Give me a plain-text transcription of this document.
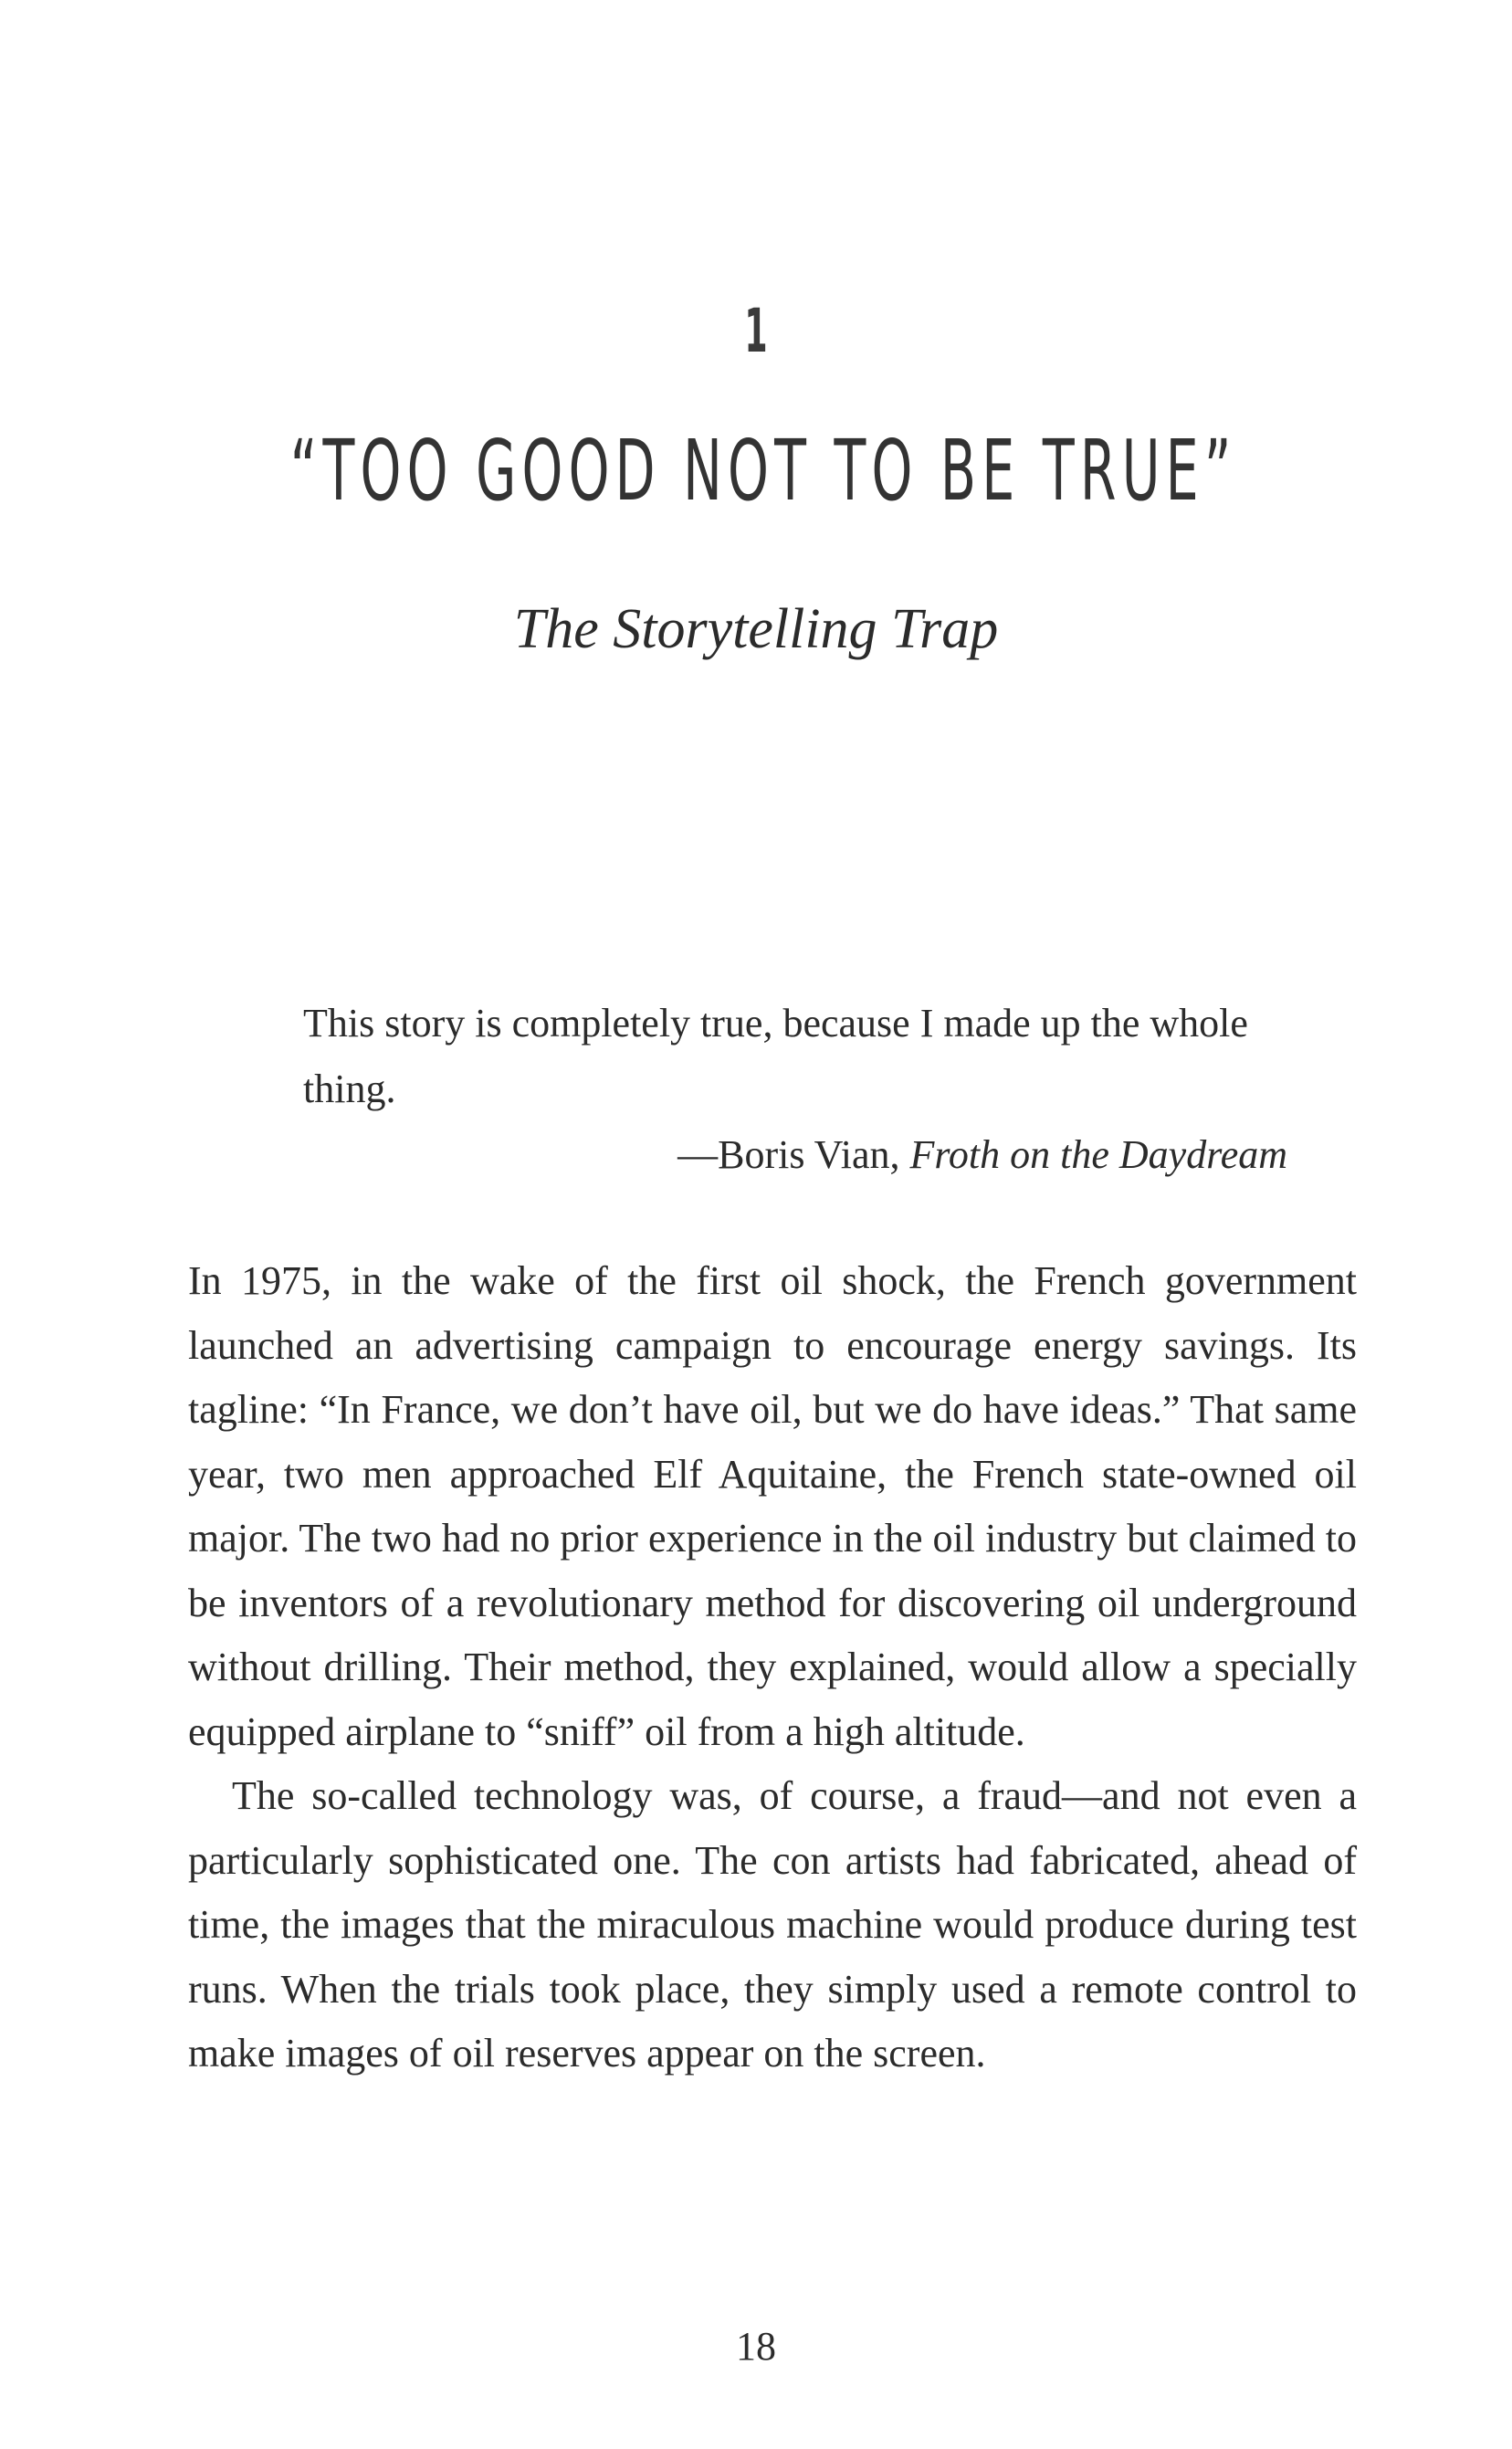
1
“TOO GOOD NOT TO BE TRUE”
The Storytelling Trap
This story is completely true, because I made up the whole thing.
—Boris Vian, Froth on the Daydream

In 1975, in the wake of the first oil shock, the French government launched an advertising campaign to encourage energy savings. Its tagline: “In France, we don’t have oil, but we do have ideas.” That same year, two men approached Elf Aquitaine, the French state-owned oil major. The two had no prior experience in the oil industry but claimed to be inventors of a revolutionary method for discovering oil underground without drilling. Their method, they explained, would allow a specially equipped airplane to “sniff” oil from a high altitude.

The so-called technology was, of course, a fraud—and not even a particularly sophisticated one. The con artists had fabricated, ahead of time, the images that the miraculous machine would produce during test runs. When the trials took place, they simply used a remote control to make images of oil reserves appear on the screen.

18
